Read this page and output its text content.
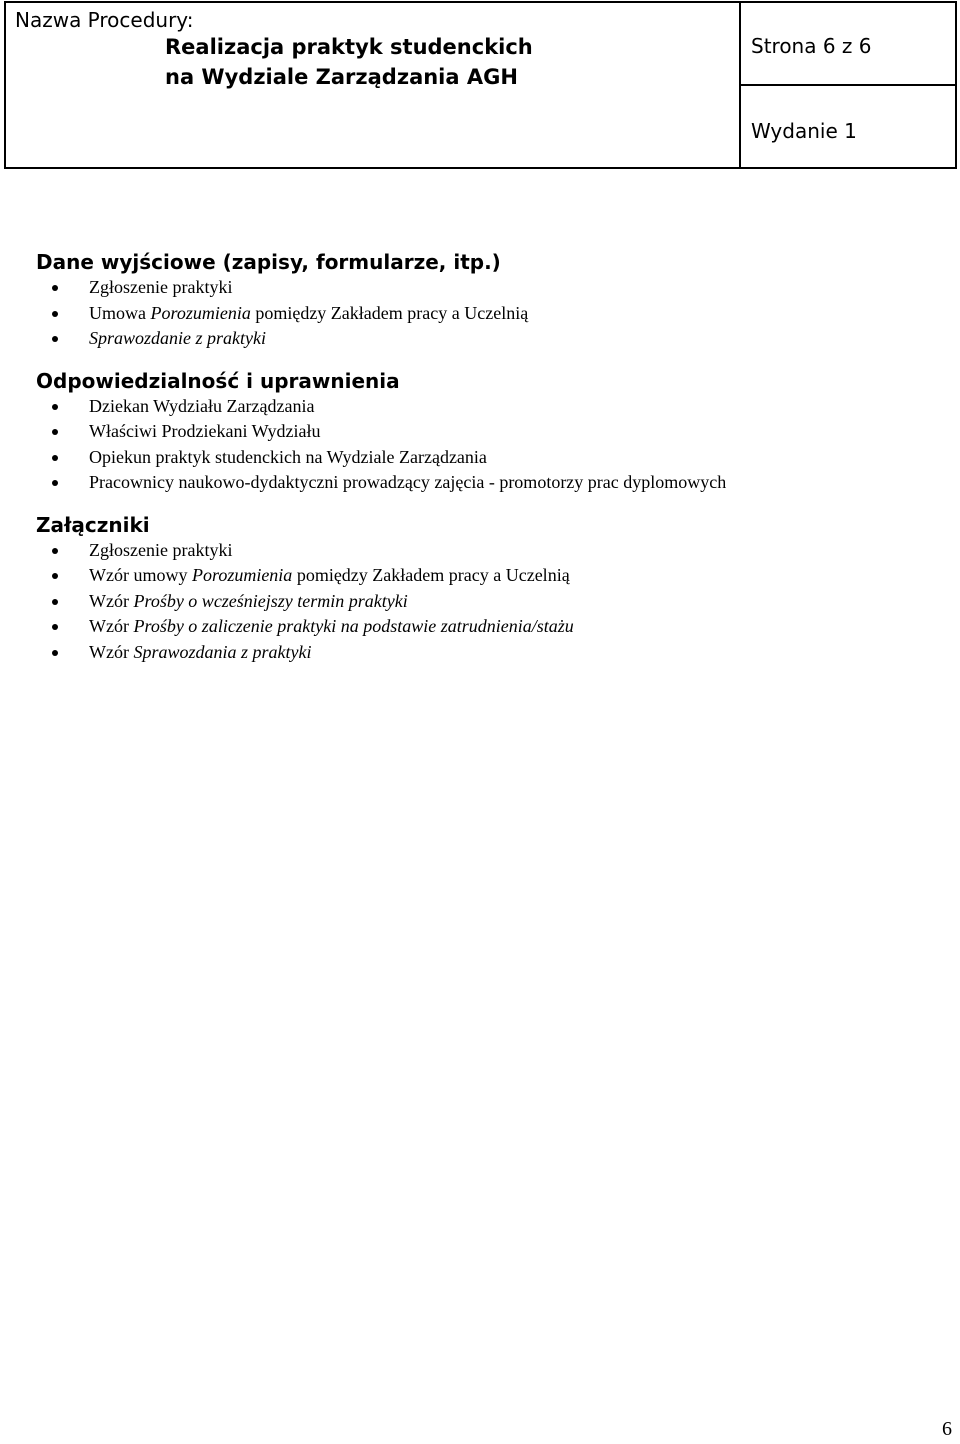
Nazwa Procedury:
Realizacja praktyk studenckich
na Wydziale Zarządzania AGH
Strona 6 z 6
Wydanie 1
Dane wyjściowe (zapisy, formularze, itp.)
Zgłoszenie praktyki
Umowa Porozumienia pomiędzy Zakładem pracy a Uczelnią
Sprawozdanie z praktyki
Odpowiedzialność i uprawnienia
Dziekan Wydziału Zarządzania
Właściwi Prodziekani Wydziału
Opiekun praktyk studenckich na Wydziale Zarządzania
Pracownicy naukowo-dydaktyczni prowadzący zajęcia - promotorzy prac dyplomowych
Załączniki
Zgłoszenie praktyki
Wzór umowy Porozumienia pomiędzy Zakładem pracy a Uczelnią
Wzór Prośby o wcześniejszy termin praktyki
Wzór Prośby o zaliczenie praktyki na podstawie zatrudnienia/stażu
Wzór Sprawozdania z praktyki
6
